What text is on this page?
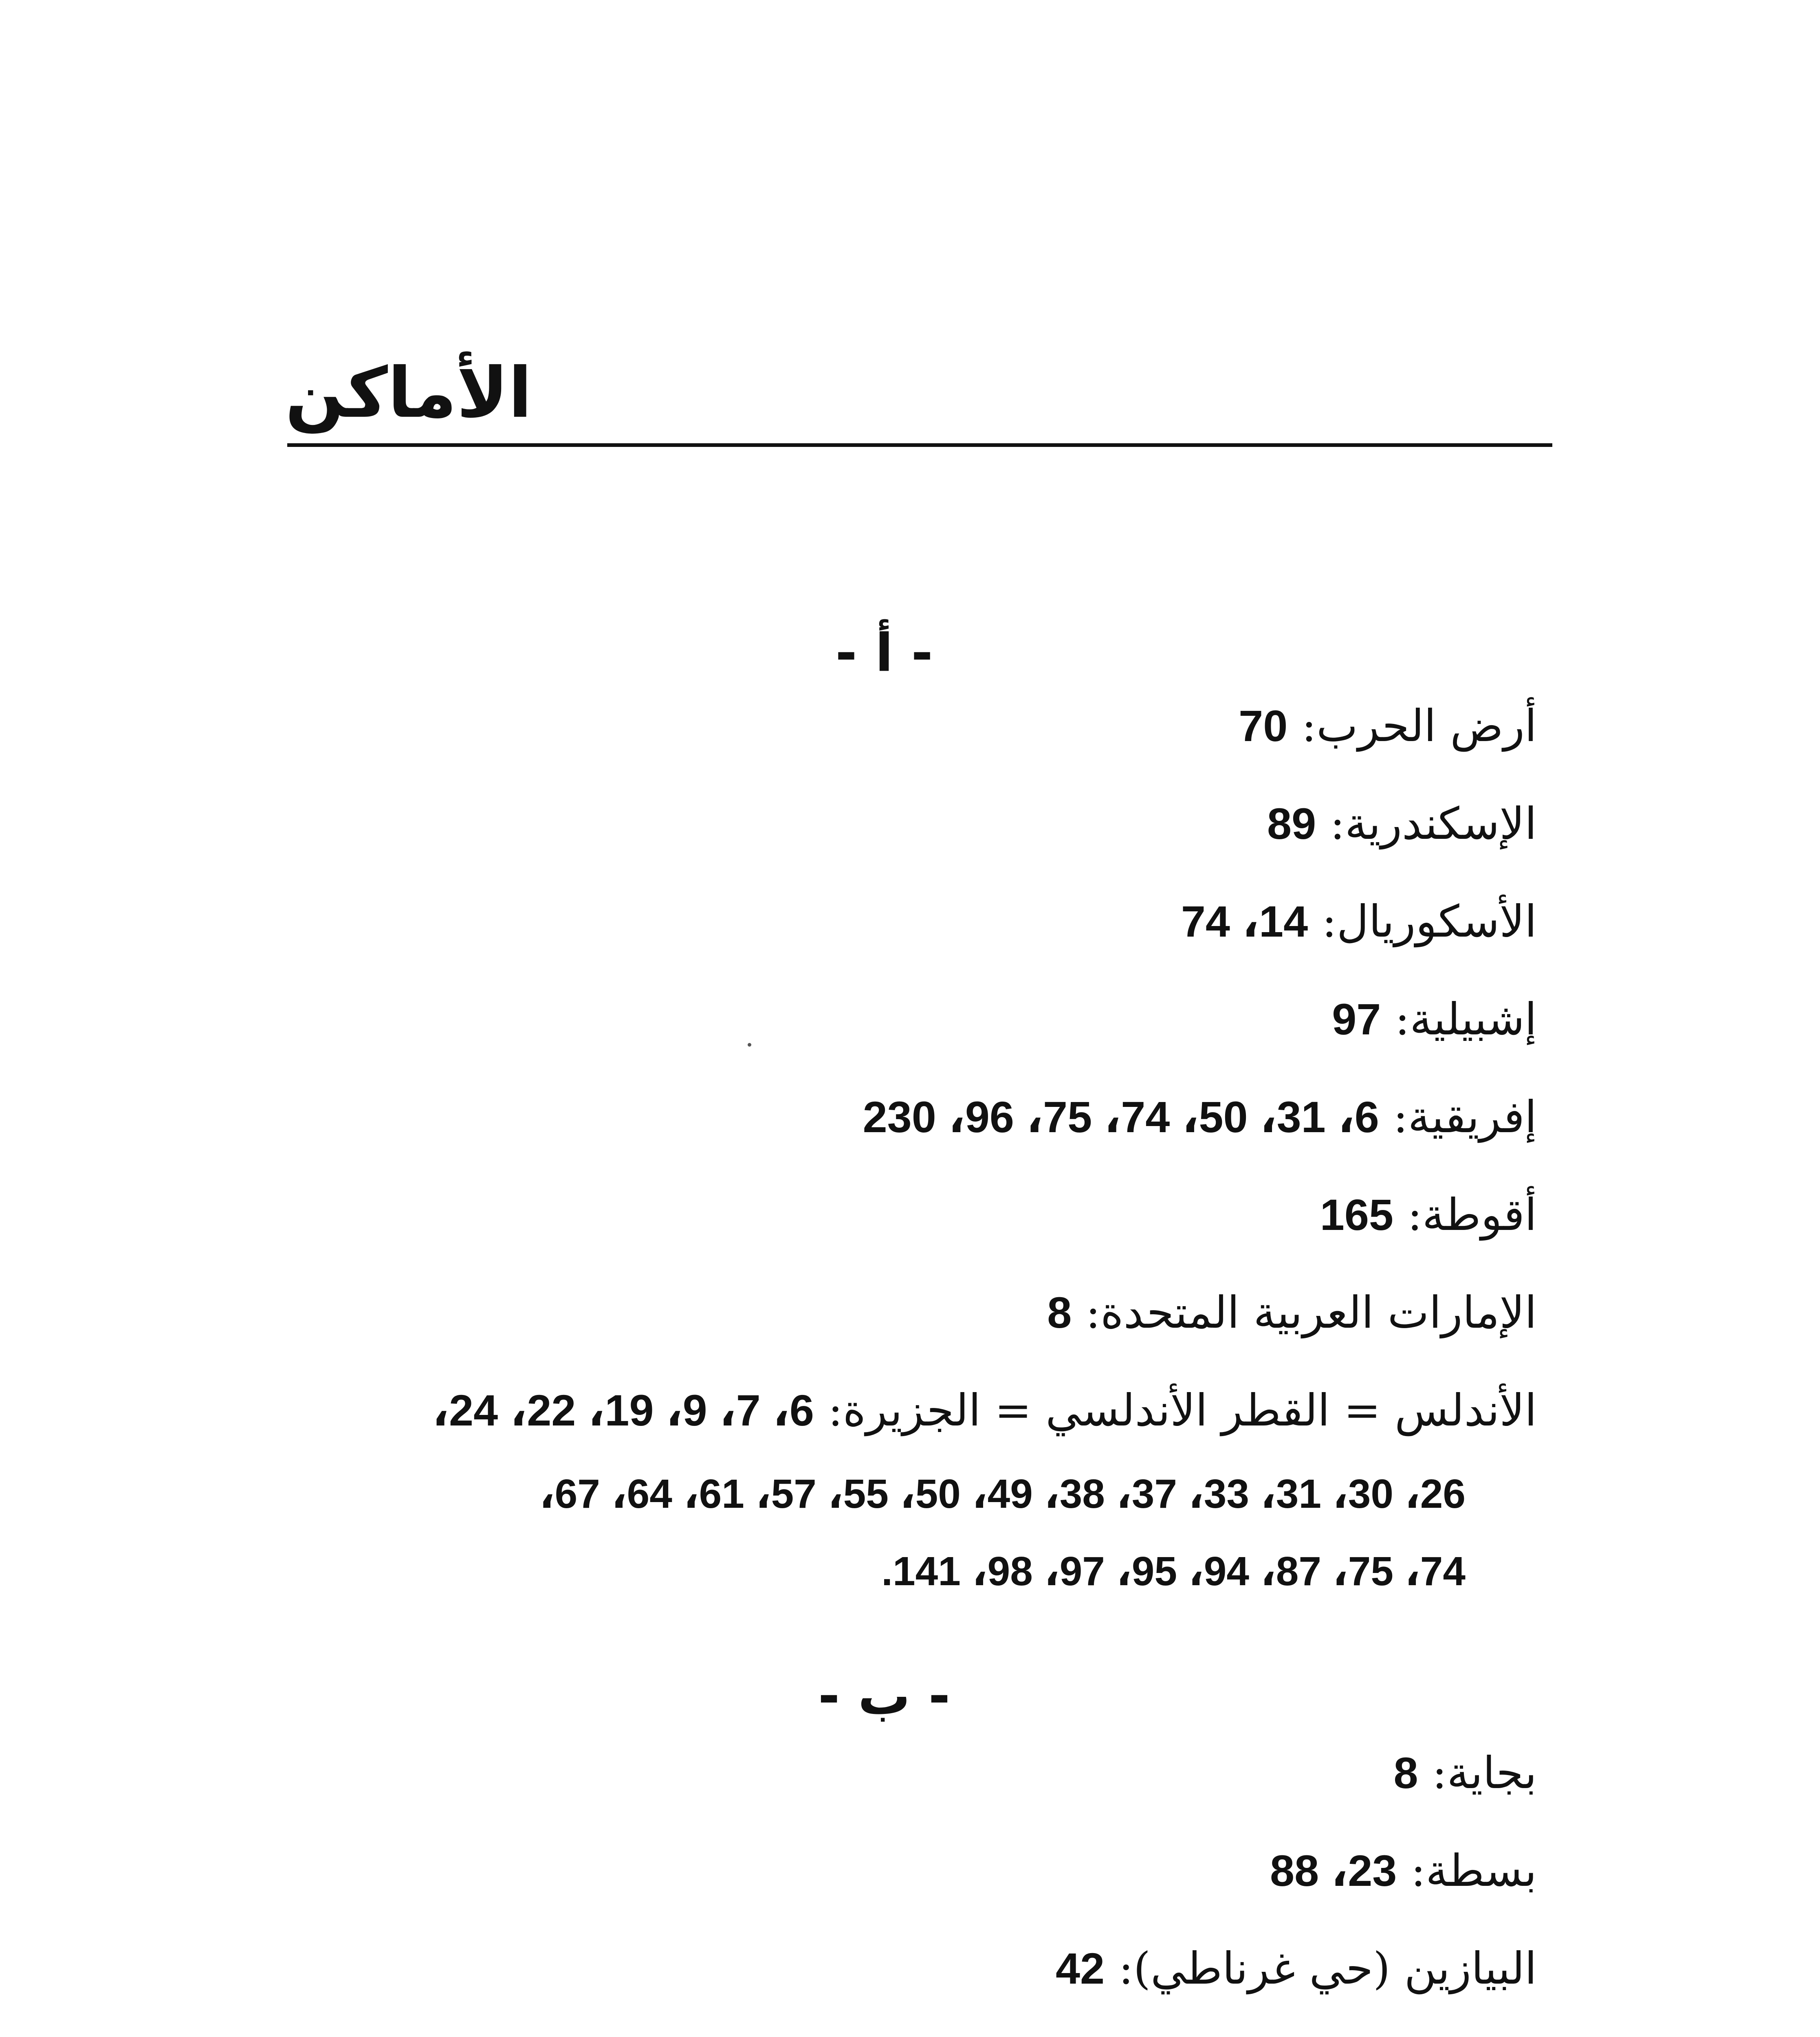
الأماكن
- أ -
أرض الحرب: 70
الإسكندرية: 89
الأسكوريال: 14، 74
إشبيلية: 97
إفريقية: 6، 31، 50، 74، 75، 96، 230
أقوطة: 165
الإمارات العربية المتحدة: 8
الأندلس = القطر الأندلسي = الجزيرة: 6، 7، 9، 19، 22، 24،
26، 30، 31، 33، 37، 38، 49، 50، 55، 57، 61، 64، 67،
74، 75، 87، 94، 95، 97، 98، 141.
- ب -
بجاية: 8
بسطة: 23، 88
البيازين (حي غرناطي): 42
